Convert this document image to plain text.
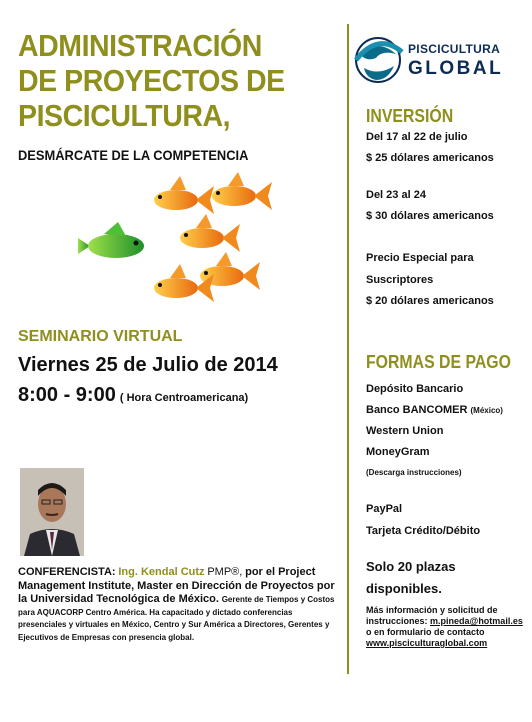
ADMINISTRACIÓN
DE PROYECTOS DE
PISCICULTURA,
DESMÁRCATE DE LA COMPETENCIA
SEMINARIO VIRTUAL
Viernes 25 de Julio de 2014
8:00 - 9:00 ( Hora Centroamericana)
CONFERENCISTA: Ing. Kendal Cutz PMP®, por el Project Management Institute, Master en Dirección de Proyectos por la Universidad Tecnológica de México. Gerente de Tiempos y Costos para AQUACORP Centro América. Ha capacitado y dictado conferencias presenciales y virtuales en México, Centro y Sur América a Directores, Gerentes y Ejecutivos de Empresas con presencia global.
PISCICULTURA
GLOBAL
INVERSIÓN
Del 17 al 22 de julio
$ 25 dólares americanos
Del 23 al 24
$ 30 dólares americanos
Precio Especial para
Suscriptores
$ 20 dólares americanos
FORMAS DE PAGO
Depósito Bancario
Banco BANCOMER (México)
Western Union
MoneyGram
(Descarga instrucciones)
PayPal
Tarjeta Crédito/Débito
Solo 20 plazas
disponibles.
Más información y solicitud de instrucciones: m.pineda@hotmail.es o en formulario de contacto
www.pisciculturaglobal.com
